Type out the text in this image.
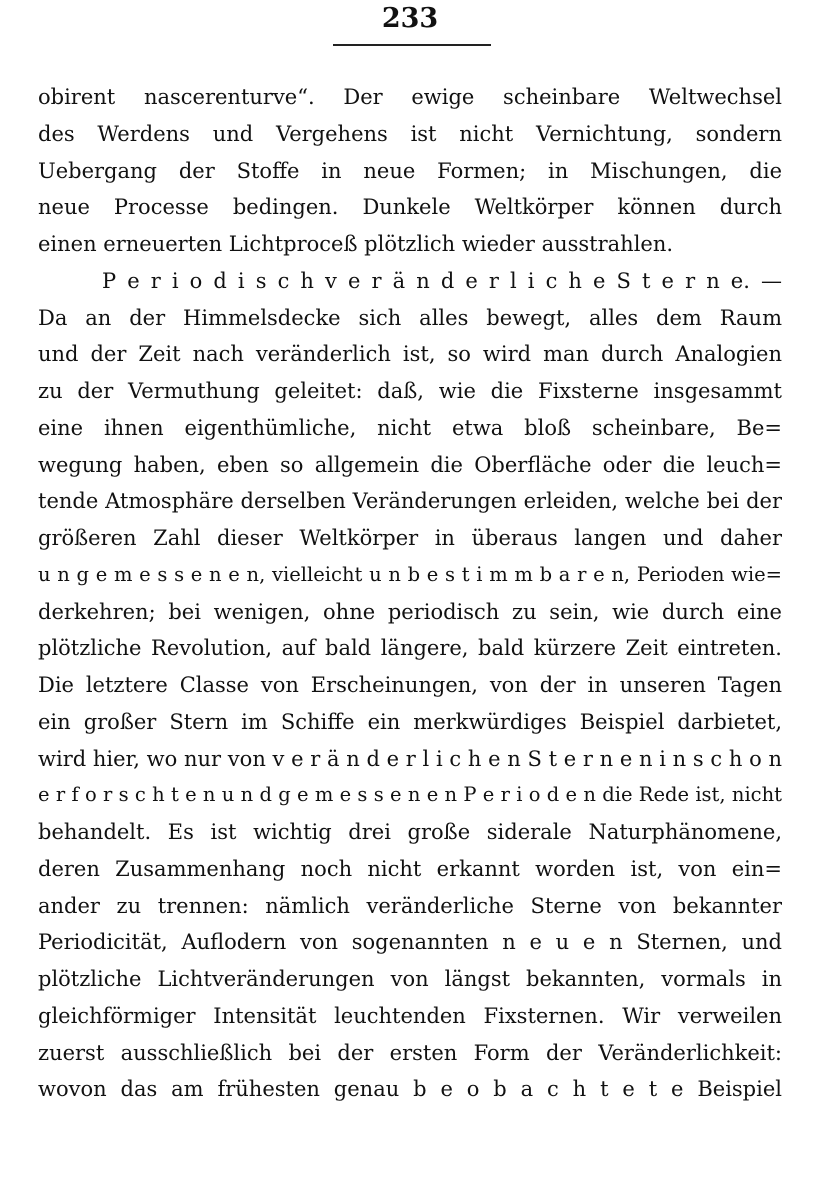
233
obirent nascerenturve“. Der ewige scheinbare Weltwechsel
des Werdens und Vergehens ist nicht Vernichtung, sondern
Uebergang der Stoffe in neue Formen; in Mischungen, die
neue Processe bedingen. Dunkele Weltkörper können durch
einen erneuerten Lichtproceß plötzlich wieder ausstrahlen.
P e r i o d i s c h v e r ä n d e r l i c h e S t e r n e. —
Da an der Himmelsdecke sich alles bewegt, alles dem Raum
und der Zeit nach veränderlich ist, so wird man durch Analogien
zu der Vermuthung geleitet: daß, wie die Fixsterne insgesammt
eine ihnen eigenthümliche, nicht etwa bloß scheinbare, Be=
wegung haben, eben so allgemein die Oberfläche oder die leuch=
tende Atmosphäre derselben Veränderungen erleiden, welche bei der
größeren Zahl dieser Weltkörper in überaus langen und daher
u n g e m e s s e n e n, vielleicht u n b e s t i m m b a r e n, Perioden wie=
derkehren; bei wenigen, ohne periodisch zu sein, wie durch eine
plötzliche Revolution, auf bald längere, bald kürzere Zeit eintreten.
Die letztere Classe von Erscheinungen, von der in unseren Tagen
ein großer Stern im Schiffe ein merkwürdiges Beispiel darbietet,
wird hier, wo nur von v e r ä n d e r l i c h e n S t e r n e n i n s c h o n
e r f o r s c h t e n u n d g e m e s s e n e n P e r i o d e n die Rede ist, nicht
behandelt. Es ist wichtig drei große siderale Naturphänomene,
deren Zusammenhang noch nicht erkannt worden ist, von ein=
ander zu trennen: nämlich veränderliche Sterne von bekannter
Periodicität, Auflodern von sogenannten n e u e n Sternen, und
plötzliche Lichtveränderungen von längst bekannten, vormals in
gleichförmiger Intensität leuchtenden Fixsternen. Wir verweilen
zuerst ausschließlich bei der ersten Form der Veränderlichkeit:
wovon das am frühesten genau b e o b a c h t e t e Beispiel
